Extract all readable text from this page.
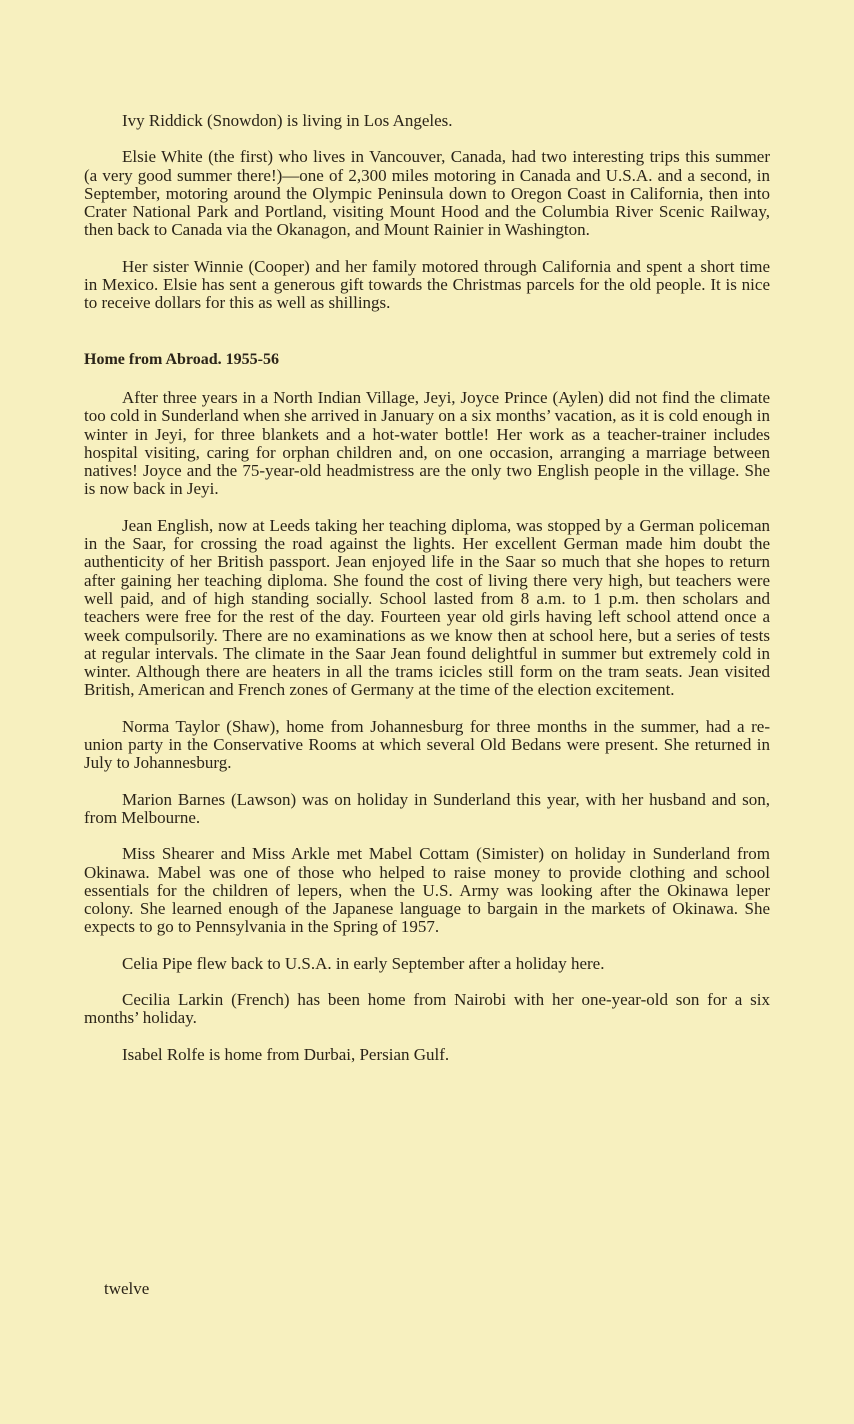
Ivy Riddick (Snowdon) is living in Los Angeles.

Elsie White (the first) who lives in Vancouver, Canada, had two interesting trips this summer (a very good summer there!)—one of 2,300 miles motoring in Canada and U.S.A. and a second, in September, motoring around the Olympic Peninsula down to Oregon Coast in California, then into Crater National Park and Portland, visiting Mount Hood and the Columbia River Scenic Railway, then back to Canada via the Okanagon, and Mount Rainier in Washington.

Her sister Winnie (Cooper) and her family motored through California and spent a short time in Mexico. Elsie has sent a generous gift towards the Christmas parcels for the old people. It is nice to receive dollars for this as well as shillings.

Home from Abroad. 1955-56

After three years in a North Indian Village, Jeyi, Joyce Prince (Aylen) did not find the climate too cold in Sunderland when she arrived in January on a six months’ vacation, as it is cold enough in winter in Jeyi, for three blankets and a hot-water bottle! Her work as a teacher-trainer includes hospital visiting, caring for orphan children and, on one occasion, arranging a marriage between natives! Joyce and the 75-year-old headmistress are the only two English people in the village. She is now back in Jeyi.

Jean English, now at Leeds taking her teaching diploma, was stopped by a German policeman in the Saar, for crossing the road against the lights. Her excellent German made him doubt the authenticity of her British passport. Jean enjoyed life in the Saar so much that she hopes to return after gaining her teaching diploma. She found the cost of living there very high, but teachers were well paid, and of high standing socially. School lasted from 8 a.m. to 1 p.m. then scholars and teachers were free for the rest of the day. Fourteen year old girls having left school attend once a week compulsorily. There are no examinations as we know then at school here, but a series of tests at regular intervals. The climate in the Saar Jean found delightful in summer but extremely cold in winter. Although there are heaters in all the trams icicles still form on the tram seats. Jean visited British, American and French zones of Germany at the time of the election excitement.

Norma Taylor (Shaw), home from Johannesburg for three months in the summer, had a re-union party in the Conservative Rooms at which several Old Bedans were present. She returned in July to Johannesburg.

Marion Barnes (Lawson) was on holiday in Sunderland this year, with her husband and son, from Melbourne.

Miss Shearer and Miss Arkle met Mabel Cottam (Simister) on holiday in Sunderland from Okinawa. Mabel was one of those who helped to raise money to provide clothing and school essentials for the children of lepers, when the U.S. Army was looking after the Okinawa leper colony. She learned enough of the Japanese language to bargain in the markets of Okinawa. She expects to go to Pennsylvania in the Spring of 1957.

Celia Pipe flew back to U.S.A. in early September after a holiday here.

Cecilia Larkin (French) has been home from Nairobi with her one-year-old son for a six months’ holiday.

Isabel Rolfe is home from Durbai, Persian Gulf.

twelve
